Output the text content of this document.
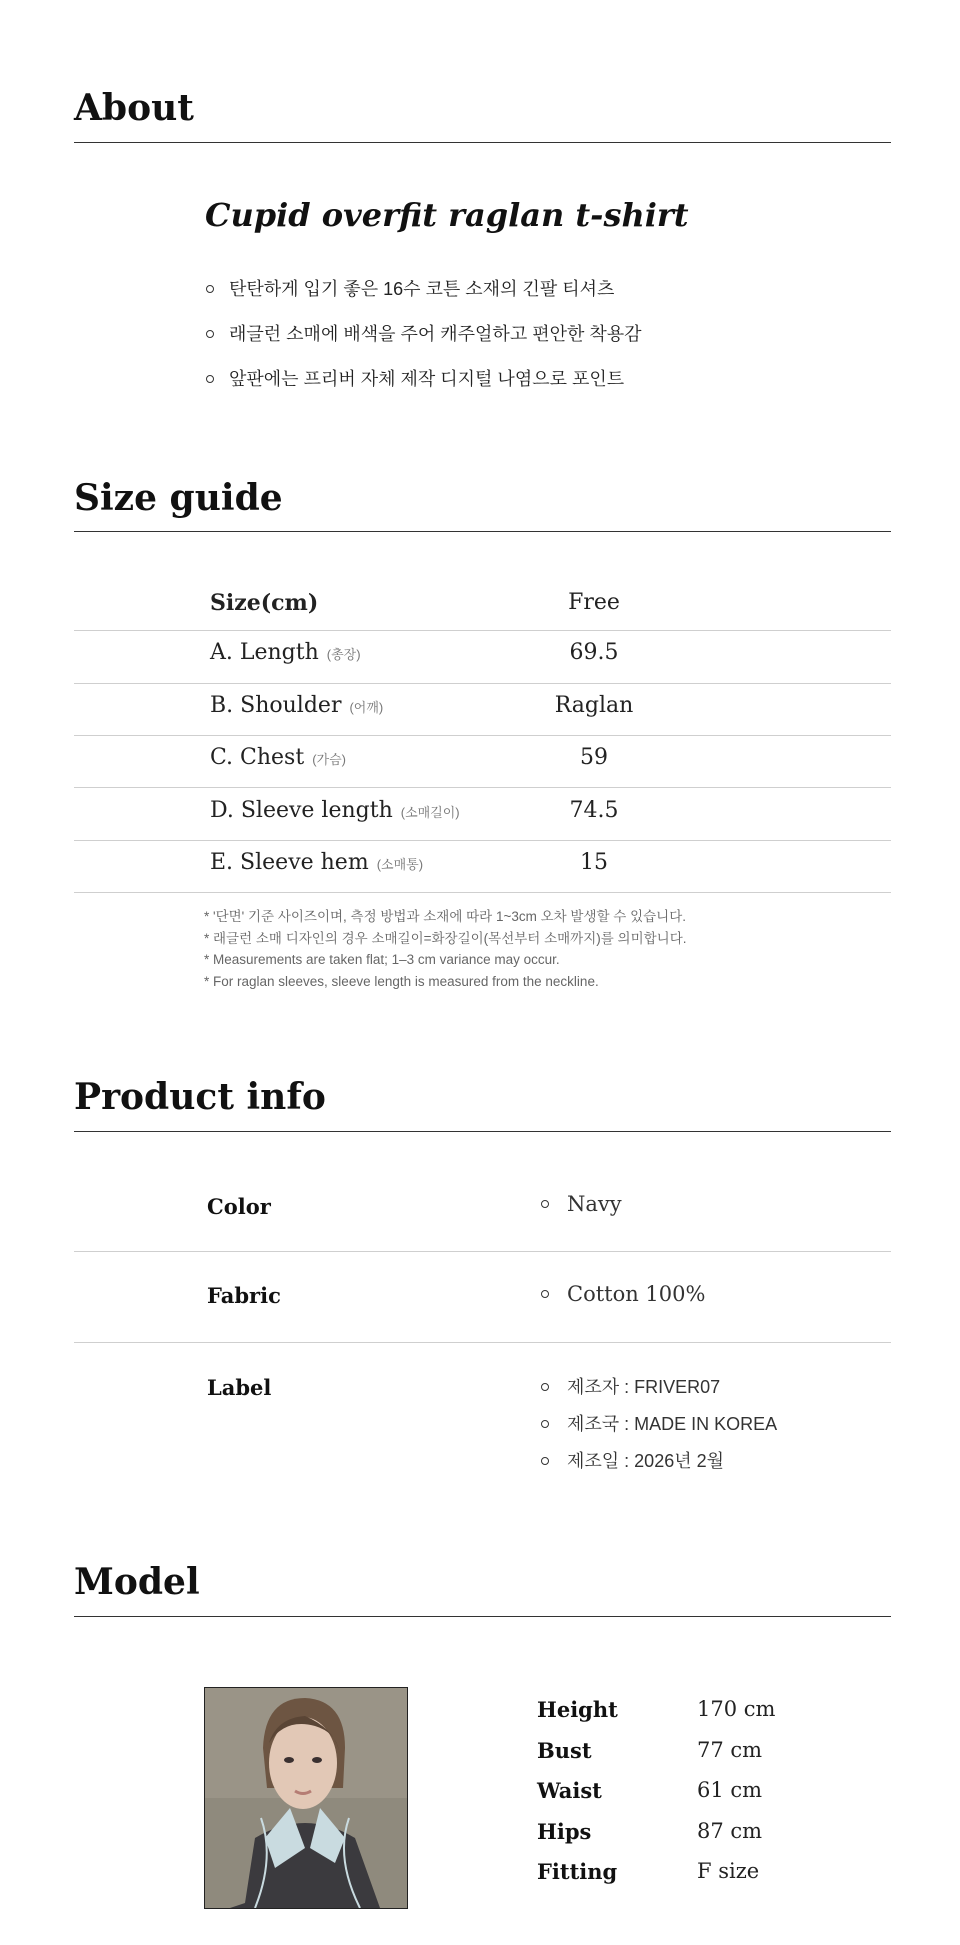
About
Cupid overfit raglan t-shirt
탄탄하게 입기 좋은 16수 코튼 소재의 긴팔 티셔츠
래글런 소매에 배색을 주어 캐주얼하고 편안한 착용감
앞판에는 프리버 자체 제작 디지털 나염으로 포인트
Size guide
Size(cm)	Free
A. Length (총장)	69.5
B. Shoulder (어깨)	Raglan
C. Chest (가슴)	59
D. Sleeve length (소매길이)	74.5
E. Sleeve hem (소매통)	15
* '단면' 기준 사이즈이며, 측정 방법과 소재에 따라 1~3cm 오차 발생할 수 있습니다.
* 래글런 소매 디자인의 경우 소매길이=화장길이(목선부터 소매까지)를 의미합니다.
* Measurements are taken flat; 1–3 cm variance may occur.
* For raglan sleeves, sleeve length is measured from the neckline.
Product info
Color	Navy
Fabric	Cotton 100%
Label	제조자 : FRIVER07
제조국 : MADE IN KOREA
제조일 : 2026년 2월
Model
Height	170 cm
Bust	77 cm
Waist	61 cm
Hips	87 cm
Fitting	F size
